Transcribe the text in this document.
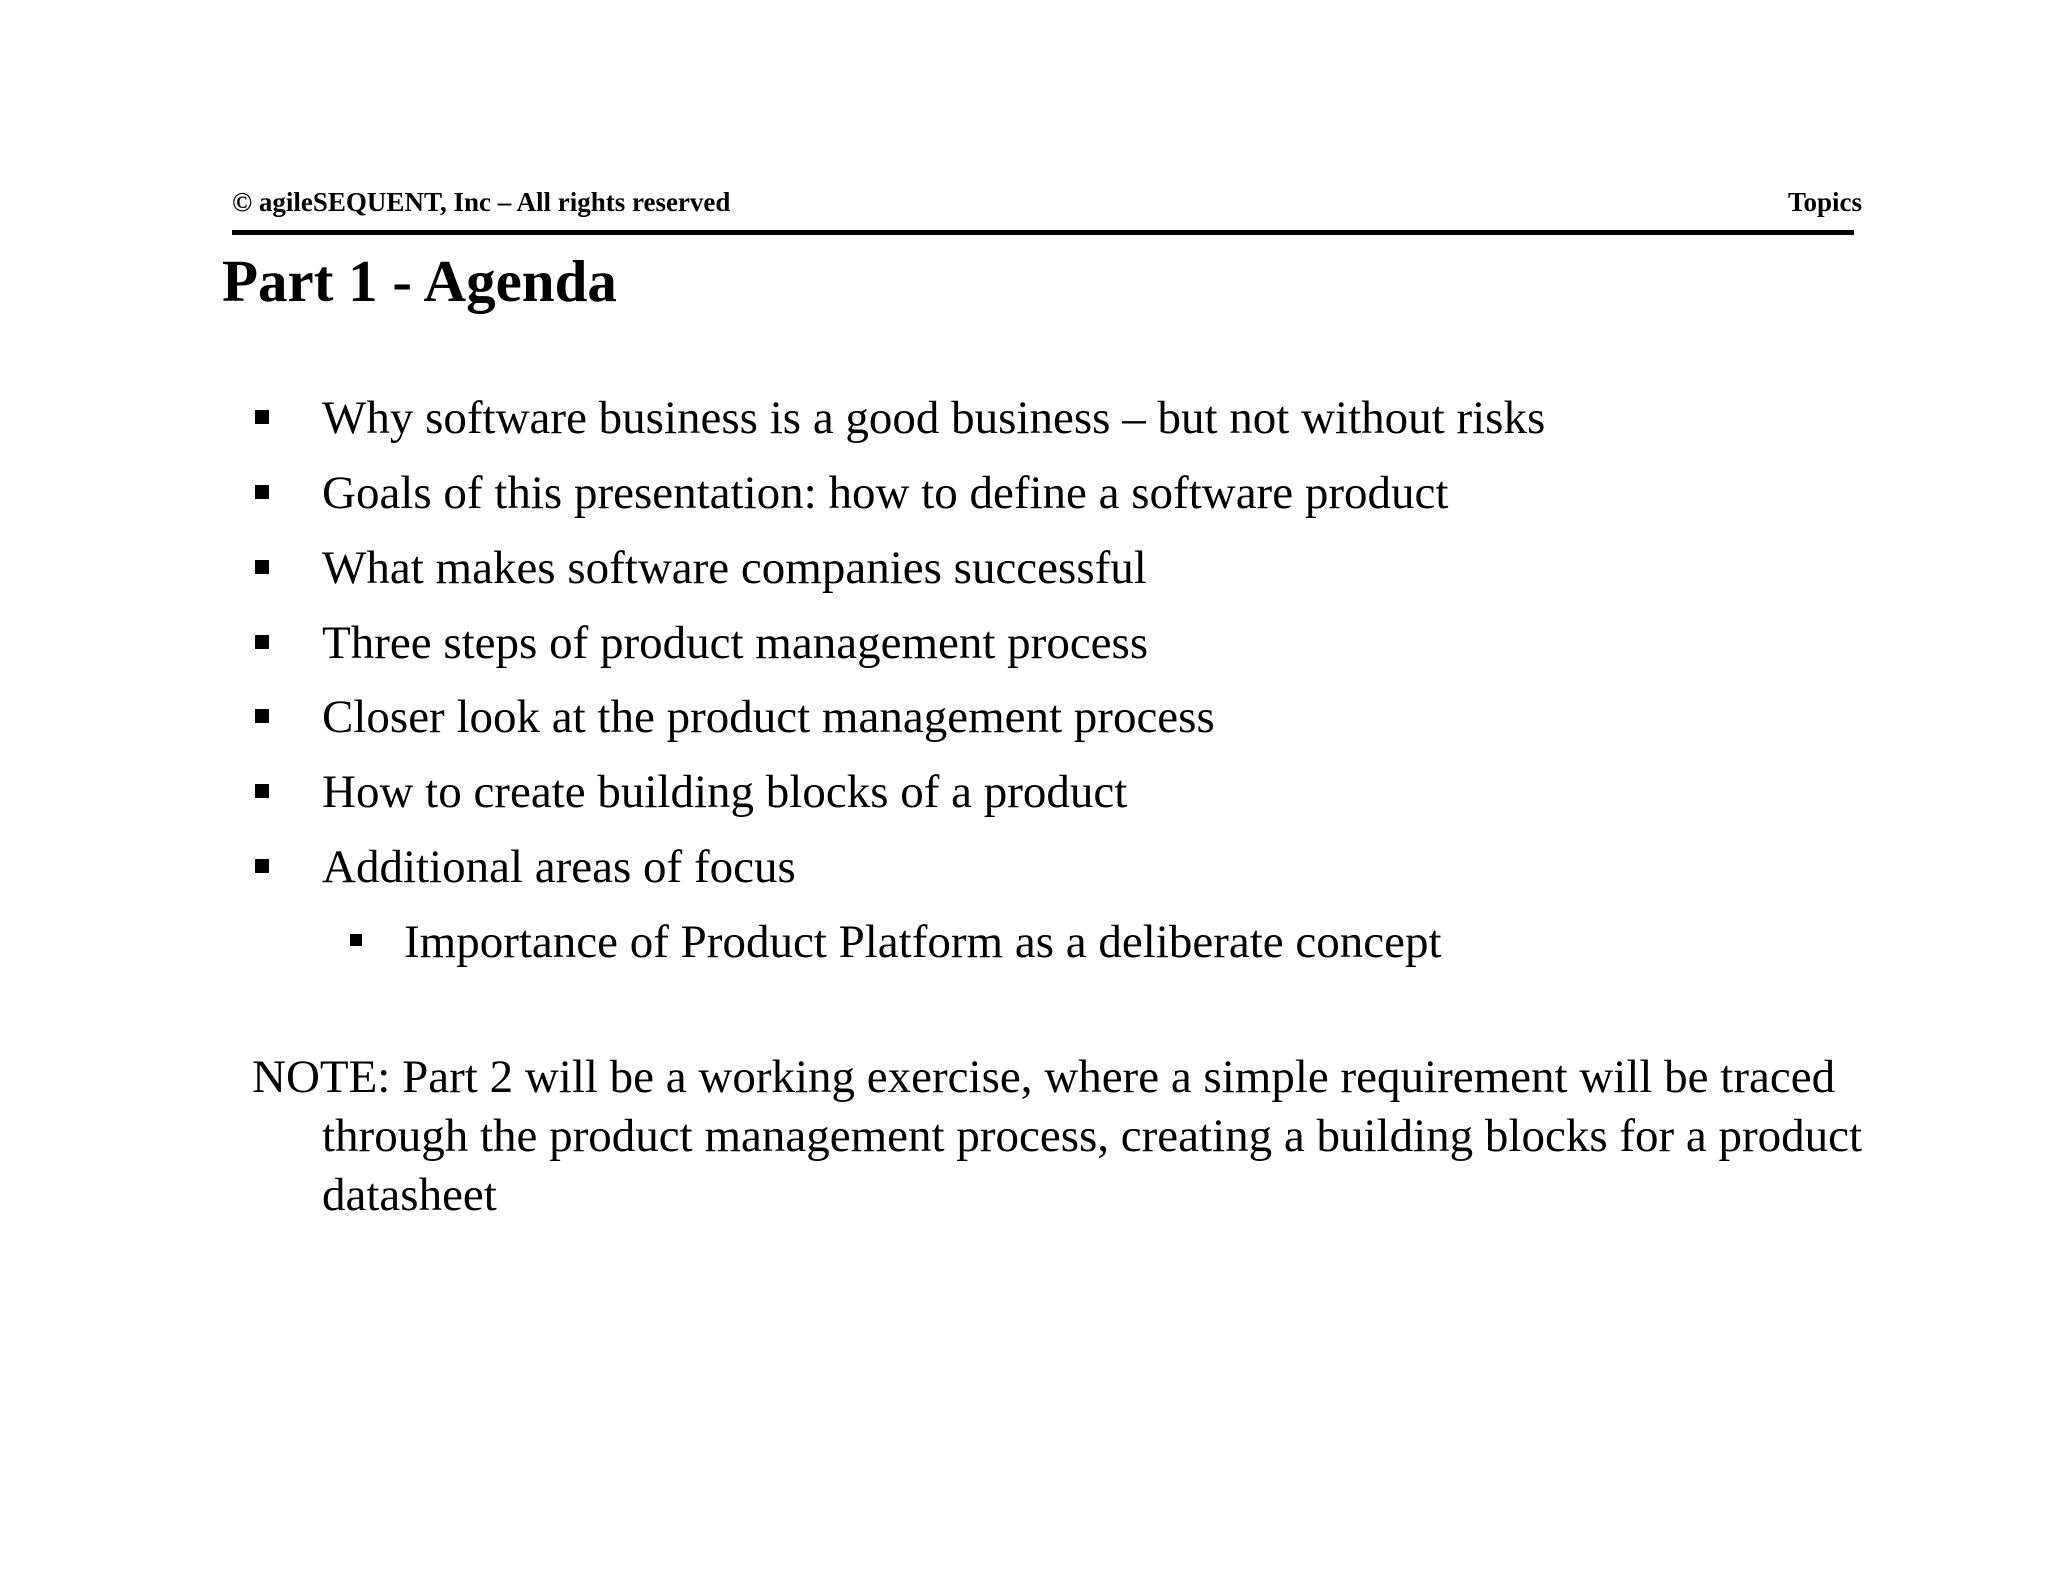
© agileSEQUENT, Inc – All rights reserved	Topics
Part 1 - Agenda
Why software business is a good business – but not without risks
Goals of this presentation: how to define a software product
What makes software companies successful
Three steps of product management process
Closer look at the product management process
How to create building blocks of a product
Additional areas of focus
Importance of Product Platform as a deliberate concept

NOTE: Part 2 will be a working exercise, where a simple requirement will be traced through the product management process, creating a building blocks for a product datasheet
